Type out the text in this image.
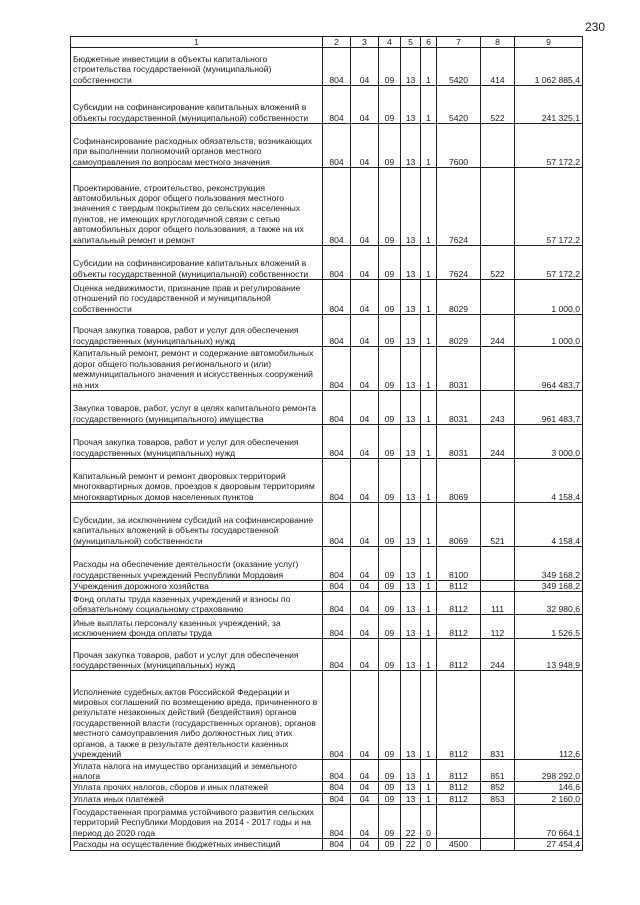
230
1	2	3	4	5	6	7	8	9
Бюджетные инвестиции в объекты капитального строительства государственной (муниципальной) собственности	804	04	09	13	1	5420	414	1 062 885,4
Субсидии на софинансирование капитальных вложений в объекты государственной (муниципальной) собственности	804	04	09	13	1	5420	522	241 325,1
Софинансирование расходных обязательств, возникающих при выполнении полномочий органов местного самоуправления по вопросам местного значения	804	04	09	13	1	7600		57 172,2
Проектирование, строительство, реконструкция автомобильных дорог общего пользования местного значения с твердым покрытием до сельских населенных пунктов, не имеющих круглогодичной связи с сетью автомобильных дорог общего пользования, а также на их капитальный ремонт и ремонт	804	04	09	13	1	7624		57 172,2
Субсидии на софинансирование капитальных вложений в объекты государственной (муниципальной) собственности	804	04	09	13	1	7624	522	57 172,2
Оценка недвижимости, признание прав и регулирование отношений по государственной и муниципальной собственности	804	04	09	13	1	8029		1 000,0
Прочая закупка товаров, работ и услуг для обеспечения государственных (муниципальных) нужд	804	04	09	13	1	8029	244	1 000,0
Капитальный ремонт, ремонт и содержание автомобильных дорог общего пользования регионального и (или) межмуниципального значения и искусственных сооружений на них	804	04	09	13	1	8031		964 483,7
Закупка товаров, работ, услуг в целях капитального ремонта государственного (муниципального) имущества	804	04	09	13	1	8031	243	961 483,7
Прочая закупка товаров, работ и услуг для обеспечения государственных (муниципальных) нужд	804	04	09	13	1	8031	244	3 000,0
Капитальный ремонт и ремонт дворовых территорий многоквартирных домов, проездов к дворовым территориям многоквартирных домов населенных пунктов	804	04	09	13	1	8069		4 158,4
Субсидии, за исключением субсидий на софинансирование капитальных вложений в объекты государственной (муниципальной) собственности	804	04	09	13	1	8069	521	4 158,4
Расходы на обеспечение деятельности (оказание услуг) государственных учреждений Республики Мордовия	804	04	09	13	1	8100		349 168,2
Учреждения дорожного хозяйства	804	04	09	13	1	8112		349 168,2
Фонд оплаты труда казенных учреждений и взносы по обязательному социальному страхованию	804	04	09	13	1	8112	111	32 980,6
Иные выплаты персоналу казенных учреждений, за исключением фонда оплаты труда	804	04	09	13	1	8112	112	1 526,5
Прочая закупка товаров, работ и услуг для обеспечения государственных (муниципальных) нужд	804	04	09	13	1	8112	244	13 948,9
Исполнение судебных актов Российской Федерации и мировых соглашений по возмещению вреда, причиненного в результате незаконных действий (бездействия) органов государственной власти (государственных органов), органов местного самоуправления либо должностных лиц этих органов, а также в результате деятельности казенных учреждений	804	04	09	13	1	8112	831	112,6
Уплата налога на имущество организаций и земельного налога	804	04	09	13	1	8112	851	298 292,0
Уплата прочих налогов, сборов и иных платежей	804	04	09	13	1	8112	852	146,6
Уплата иных платежей	804	04	09	13	1	8112	853	2 160,0
Государственная программа устойчивого развития сельских территорий Республики Мордовия на 2014 - 2017 годы и на период до 2020 года	804	04	09	22	0			70 664,1
Расходы на осуществление бюджетных инвестиций	804	04	09	22	0	4500		27 454,4
